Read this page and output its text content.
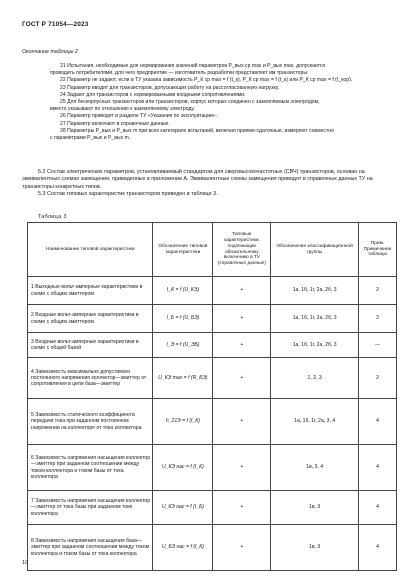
ГОСТ Р 71054—2023
Окончание таблицы 2

21 Испытания, необходимые для нормирования значений параметров P_вых.ср max и P_вых max, допускается

проводить потребителями, для чего предприятие — изготовитель разработки представляет им транзисторы.

22 Параметр не задают, если в ТУ указана зависимость P_К ср max = f (t_к), P_К ср max = f (t_к) или P_К ср max = f (t_кор).

23 Параметр вводят для транзисторов, допускающих работу на рассогласованную нагрузку.

24 Задают для транзисторов с нормированными входными сопротивлениями.

25 Для бескорпусных транзисторов или транзисторов, корпус которых соединен с заземляемым электродом,

вместо указывают по отношению к заземляемому электроду.

26 Параметр приводят в разделе ТУ «Указания по эксплуатации».

27 Параметр включают в справочные данные.

28 Параметры P_вых и P_вых m при всех категориях испытаний, включая приемо-сдаточные, измеряют совместно

с параметрами P_вых и P_вых m.

5.2 Состав электрических параметров, установливаемый стандартом для сверхвысокочастотных (СВЧ) транзисторов, основан на эквивалентных схемах замещения, приведенных в приложении А. Эквивалентные схемы замещения приводят в справочных данных ТУ на транзисторы конкретных типов.

5.3 Состав типовых характеристик транзисторов приведен в таблице 3.

Таблица 3
Наименование типовой характеристики	Обозначение типовой характеристики	Типовые характеристики, подлежащие обязательному включению в ТУ (справочные данные)	Обозначение классификационной группы	Прим. Примечание таблицы
1 Выходные вольт-амперные характеристики в схеме с общим эмиттером	I_К = f (U_КЭ)	+	1а, 1б, 1г, 2а, 2б, 3	2
2 Входные вольт-амперные характеристики в схеме с общим эмиттером	I_Б = f (U_БЭ)	+	1а, 1б, 1г, 2а, 2б, 3	2
3 Входные вольт-амперные характеристики в схеме с общей базой	I_Э = f (U_ЭБ)	+	1а, 1б, 1г, 2а, 2б, 3	—
4 Зависимость максимально допустимого постоянного напряжения коллектор—эмиттер от сопротивления в цепи база—эмиттер	U_КЭ max = f (R_БЭ)	+	1, 2, 3	2
5 Зависимость статического коэффициента передачи тока при заданном постоянном напряжении на коллекторе от тока коллектора	h_21Э = f (I_К)	+	1а, 1б, 1г, 2а, 3, 4	4
6 Зависимость напряжения насыщения коллектор—эмиттер при заданном соотношении между током коллектора и током базы от тока коллектора	U_КЭ нас = f (I_К)	+	1в, 3, 4	4
7 Зависимость напряжения насыщения коллектор—эмиттер от тока базы при заданном токе коллектора	U_КЭ нас = f (I_Б)	+	1в, 3	4
8 Зависимость напряжения насыщения база—эмиттер при заданном соотношении между током коллектора и током базы от тока коллектора	U_БЭ нас = f (I_К)	+	1в, 3	4
10
